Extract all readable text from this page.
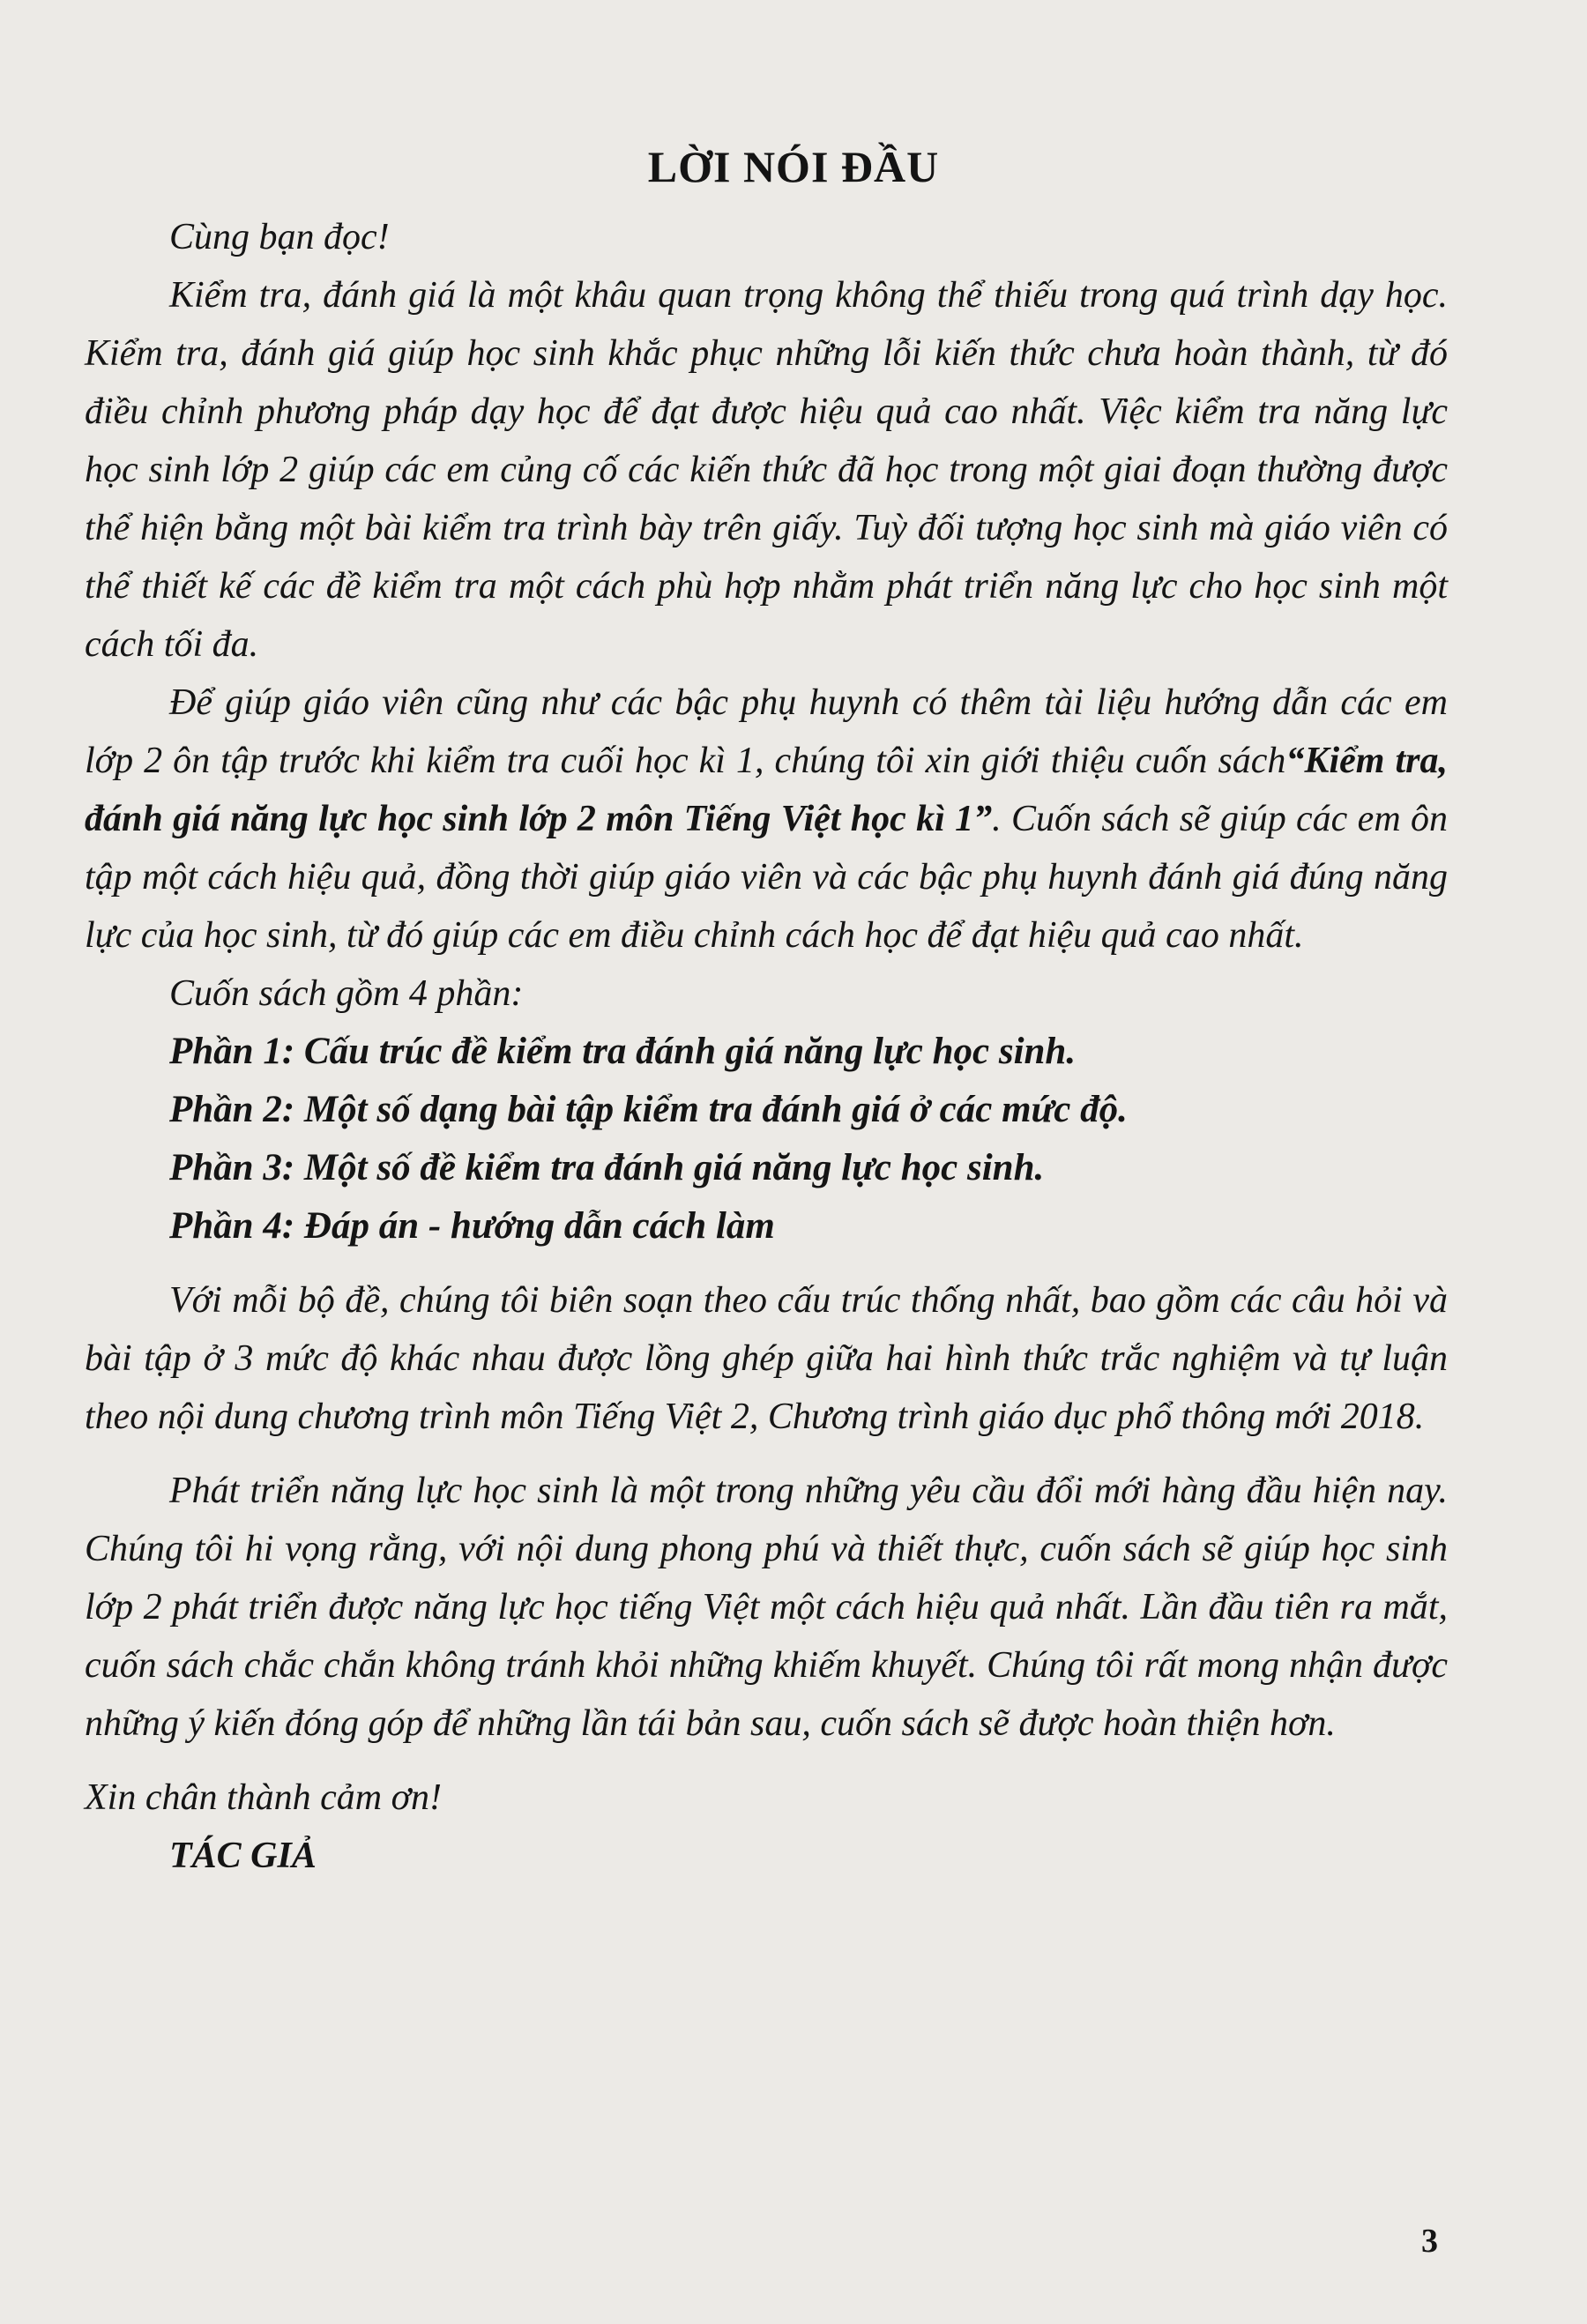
LỜI NÓI ĐẦU

Cùng bạn đọc!

Kiểm tra, đánh giá là một khâu quan trọng không thể thiếu trong quá trình dạy học. Kiểm tra, đánh giá giúp học sinh khắc phục những lỗi kiến thức chưa hoàn thành, từ đó điều chỉnh phương pháp dạy học để đạt được hiệu quả cao nhất. Việc kiểm tra năng lực học sinh lớp 2 giúp các em củng cố các kiến thức đã học trong một giai đoạn thường được thể hiện bằng một bài kiểm tra trình bày trên giấy. Tuỳ đối tượng học sinh mà giáo viên có thể thiết kế các đề kiểm tra một cách phù hợp nhằm phát triển năng lực cho học sinh một cách tối đa.

Để giúp giáo viên cũng như các bậc phụ huynh có thêm tài liệu hướng dẫn các em lớp 2 ôn tập trước khi kiểm tra cuối học kì 1, chúng tôi xin giới thiệu cuốn sách“Kiểm tra, đánh giá năng lực học sinh lớp 2 môn Tiếng Việt học kì 1”. Cuốn sách sẽ giúp các em ôn tập một cách hiệu quả, đồng thời giúp giáo viên và các bậc phụ huynh đánh giá đúng năng lực của học sinh, từ đó giúp các em điều chỉnh cách học để đạt hiệu quả cao nhất.

Cuốn sách gồm 4 phần:

Phần 1: Cấu trúc đề kiểm tra đánh giá năng lực học sinh.
Phần 2: Một số dạng bài tập kiểm tra đánh giá ở các mức độ.
Phần 3: Một số đề kiểm tra đánh giá năng lực học sinh.
Phần 4: Đáp án - hướng dẫn cách làm

Với mỗi bộ đề, chúng tôi biên soạn theo cấu trúc thống nhất, bao gồm các câu hỏi và bài tập ở 3 mức độ khác nhau được lồng ghép giữa hai hình thức trắc nghiệm và tự luận theo nội dung chương trình môn Tiếng Việt 2, Chương trình giáo dục phổ thông mới 2018.

Phát triển năng lực học sinh là một trong những yêu cầu đổi mới hàng đầu hiện nay. Chúng tôi hi vọng rằng, với nội dung phong phú và thiết thực, cuốn sách sẽ giúp học sinh lớp 2 phát triển được năng lực học tiếng Việt một cách hiệu quả nhất. Lần đầu tiên ra mắt, cuốn sách chắc chắn không tránh khỏi những khiếm khuyết. Chúng tôi rất mong nhận được những ý kiến đóng góp để những lần tái bản sau, cuốn sách sẽ được hoàn thiện hơn.

Xin chân thành cảm ơn!

TÁC GIẢ

3
